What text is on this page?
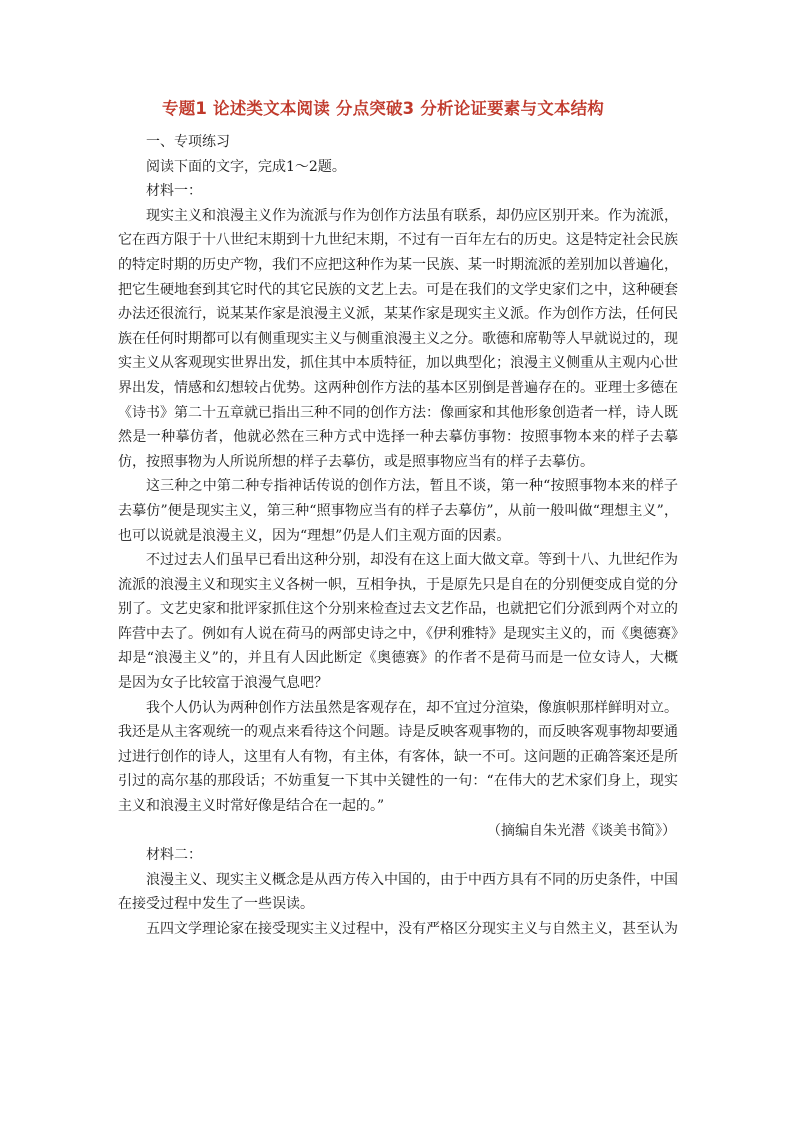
专题1 论述类文本阅读 分点突破3 分析论证要素与文本结构

一、专项练习

阅读下面的文字，完成1～2题。

材料一：

现实主义和浪漫主义作为流派与作为创作方法虽有联系，却仍应区别开来。作为流派，它在西方限于十八世纪末期到十九世纪末期，不过有一百年左右的历史。这是特定社会民族的特定时期的历史产物，我们不应把这种作为某一民族、某一时期流派的差别加以普遍化，把它生硬地套到其它时代的其它民族的文艺上去。可是在我们的文学史家们之中，这种硬套办法还很流行，说某某作家是浪漫主义派，某某作家是现实主义派。作为创作方法，任何民族在任何时期都可以有侧重现实主义与侧重浪漫主义之分。歌德和席勒等人早就说过的，现实主义从客观现实世界出发，抓住其中本质特征，加以典型化；浪漫主义侧重从主观内心世界出发，情感和幻想较占优势。这两种创作方法的基本区别倒是普遍存在的。亚理士多德在《诗书》第二十五章就已指出三种不同的创作方法：像画家和其他形象创造者一样，诗人既然是一种摹仿者，他就必然在三种方式中选择一种去摹仿事物：按照事物本来的样子去摹仿，按照事物为人所说所想的样子去摹仿，或是照事物应当有的样子去摹仿。

这三种之中第二种专指神话传说的创作方法，暂且不谈，第一种“按照事物本来的样子去摹仿”便是现实主义，第三种“照事物应当有的样子去摹仿”，从前一般叫做“理想主义”，也可以说就是浪漫主义，因为“理想”仍是人们主观方面的因素。

不过过去人们虽早已看出这种分别，却没有在这上面大做文章。等到十八、九世纪作为流派的浪漫主义和现实主义各树一帜，互相争执，于是原先只是自在的分别便变成自觉的分别了。文艺史家和批评家抓住这个分别来检查过去文艺作品，也就把它们分派到两个对立的阵营中去了。例如有人说在荷马的两部史诗之中，《伊利雅特》是现实主义的，而《奥德赛》却是“浪漫主义”的，并且有人因此断定《奥德赛》的作者不是荷马而是一位女诗人，大概是因为女子比较富于浪漫气息吧？

我个人仍认为两种创作方法虽然是客观存在，却不宜过分渲染，像旗帜那样鲜明对立。我还是从主客观统一的观点来看待这个问题。诗是反映客观事物的，而反映客观事物却要通过进行创作的诗人，这里有人有物，有主体，有客体，缺一不可。这问题的正确答案还是所引过的高尔基的那段话；不妨重复一下其中关键性的一句：“在伟大的艺术家们身上，现实主义和浪漫主义时常好像是结合在一起的。”

（摘编自朱光潜《谈美书简》）

材料二：

浪漫主义、现实主义概念是从西方传入中国的，由于中西方具有不同的历史条件，中国在接受过程中发生了一些误读。

五四文学理论家在接受现实主义过程中，没有严格区分现实主义与自然主义，甚至认为
